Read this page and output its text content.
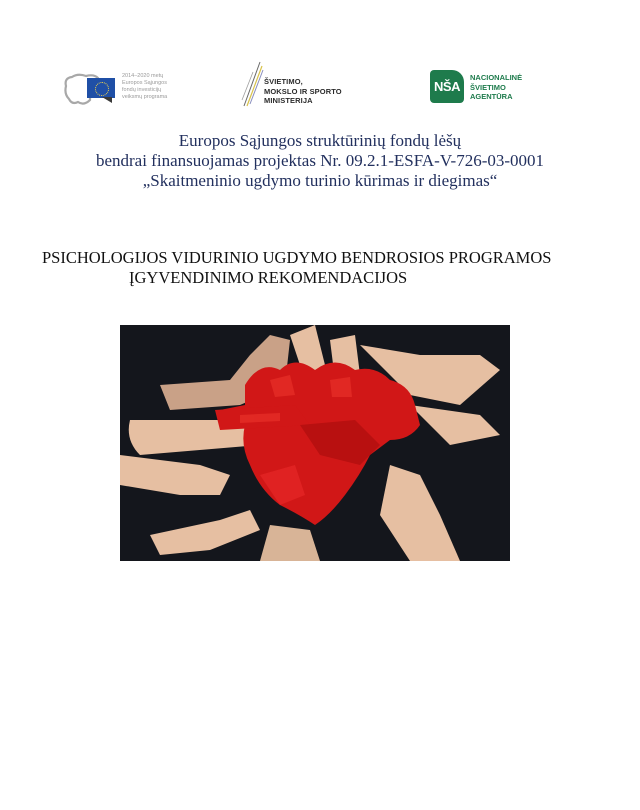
2014–2020 metų
Europos Sąjungos
fondų investicijų
veiksmų programa
ŠVIETIMO,
MOKSLO IR SPORTO
MINISTERIJA
NŠA
NACIONALINĖ
ŠVIETIMO
AGENTŪRA
Europos Sąjungos struktūrinių fondų lėšų
bendrai finansuojamas projektas Nr. 09.2.1-ESFA-V-726-03-0001
„Skaitmeninio ugdymo turinio kūrimas ir diegimas“
PSICHOLOGIJOS VIDURINIO UGDYMO BENDROSIOS PROGRAMOS
ĮGYVENDINIMO REKOMENDACIJOS
